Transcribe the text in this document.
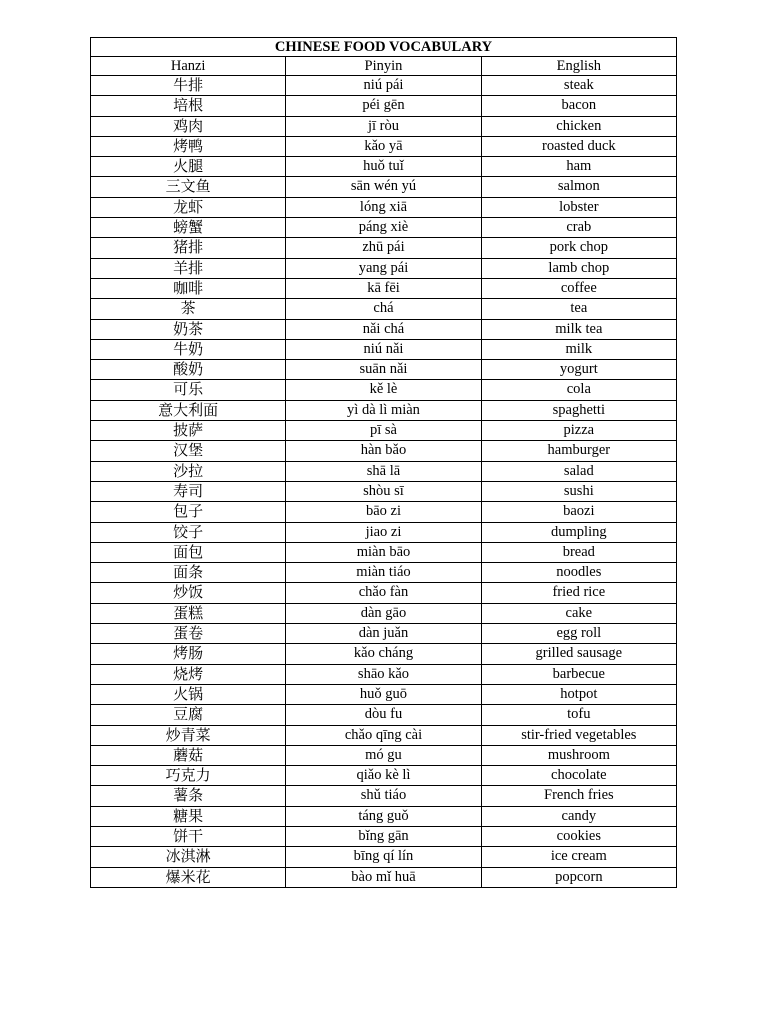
CHINESE FOOD VOCABULARY		
Hanzi	Pinyin	English
牛排	niú pái	steak
培根	péi gēn	bacon
鸡肉	jī ròu	chicken
烤鸭	kǎo yā	roasted duck
火腿	huǒ tuǐ	ham
三文鱼	sān wén yú	salmon
龙虾	lóng xiā	lobster
螃蟹	páng xiè	crab
猪排	zhū pái	pork chop
羊排	yang pái	lamb chop
咖啡	kā fēi	coffee
茶	chá	tea
奶茶	nǎi chá	milk tea
牛奶	niú nǎi	milk
酸奶	suān nǎi	yogurt
可乐	kě lè	cola
意大利面	yì dà lì miàn	spaghetti
披萨	pī sà	pizza
汉堡	hàn bǎo	hamburger
沙拉	shā lā	salad
寿司	shòu sī	sushi
包子	bāo zi	baozi
饺子	jiao zi	dumpling
面包	miàn bāo	bread
面条	miàn tiáo	noodles
炒饭	chǎo fàn	fried rice
蛋糕	dàn gāo	cake
蛋卷	dàn juǎn	egg roll
烤肠	kǎo cháng	grilled sausage
烧烤	shāo kǎo	barbecue
火锅	huǒ guō	hotpot
豆腐	dòu fu	tofu
炒青菜	chǎo qīng cài	stir-fried vegetables
蘑菇	mó gu	mushroom
巧克力	qiǎo kè lì	chocolate
薯条	shǔ tiáo	French fries
糖果	táng guǒ	candy
饼干	bǐng gān	cookies
冰淇淋	bīng qí lín	ice cream
爆米花	bào mǐ huā	popcorn
